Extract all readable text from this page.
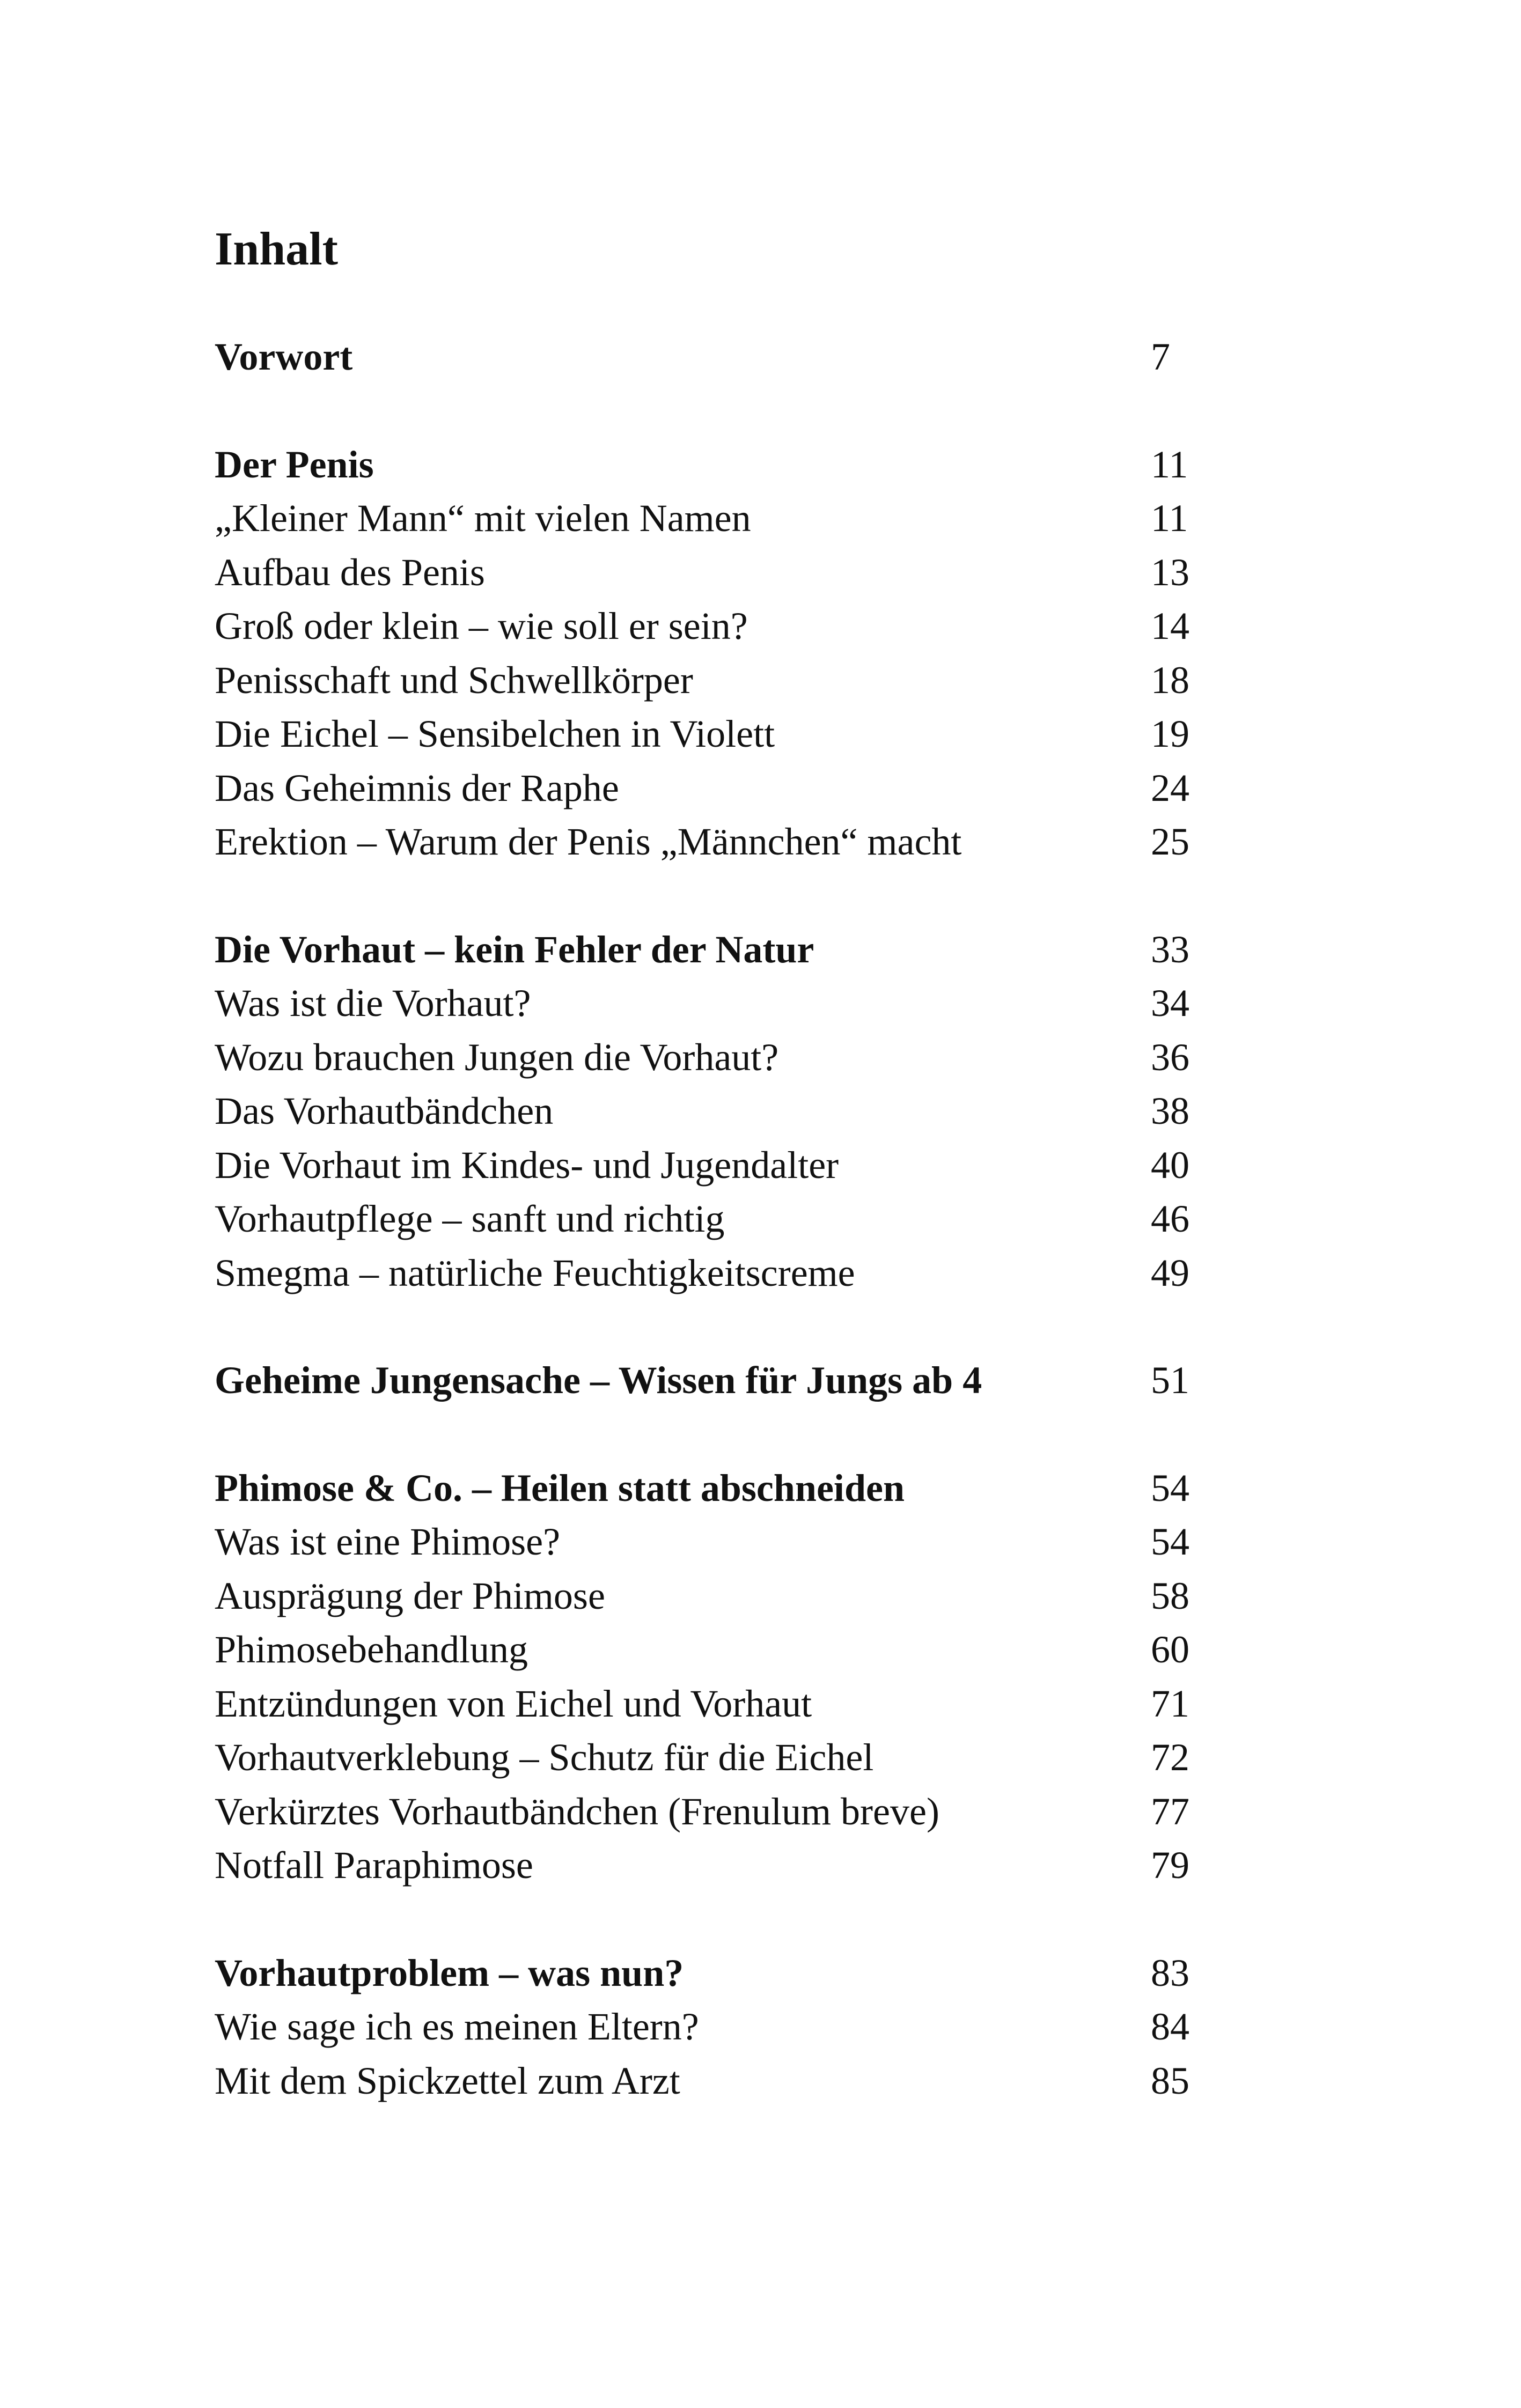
Inhalt
Vorwort	7
Der Penis	11
„Kleiner Mann“ mit vielen Namen	11
Aufbau des Penis	13
Groß oder klein – wie soll er sein?	14
Penisschaft und Schwellkörper	18
Die Eichel – Sensibelchen in Violett	19
Das Geheimnis der Raphe	24
Erektion – Warum der Penis „Männchen“ macht	25
Die Vorhaut – kein Fehler der Natur	33
Was ist die Vorhaut?	34
Wozu brauchen Jungen die Vorhaut?	36
Das Vorhautbändchen	38
Die Vorhaut im Kindes- und Jugendalter	40
Vorhautpflege – sanft und richtig	46
Smegma – natürliche Feuchtigkeitscreme	49
Geheime Jungensache – Wissen für Jungs ab 4	51
Phimose & Co. – Heilen statt abschneiden	54
Was ist eine Phimose?	54
Ausprägung der Phimose	58
Phimosebehandlung	60
Entzündungen von Eichel und Vorhaut	71
Vorhautverklebung – Schutz für die Eichel	72
Verkürztes Vorhautbändchen (Frenulum breve)	77
Notfall Paraphimose	79
Vorhautproblem – was nun?	83
Wie sage ich es meinen Eltern?	84
Mit dem Spickzettel zum Arzt	85
